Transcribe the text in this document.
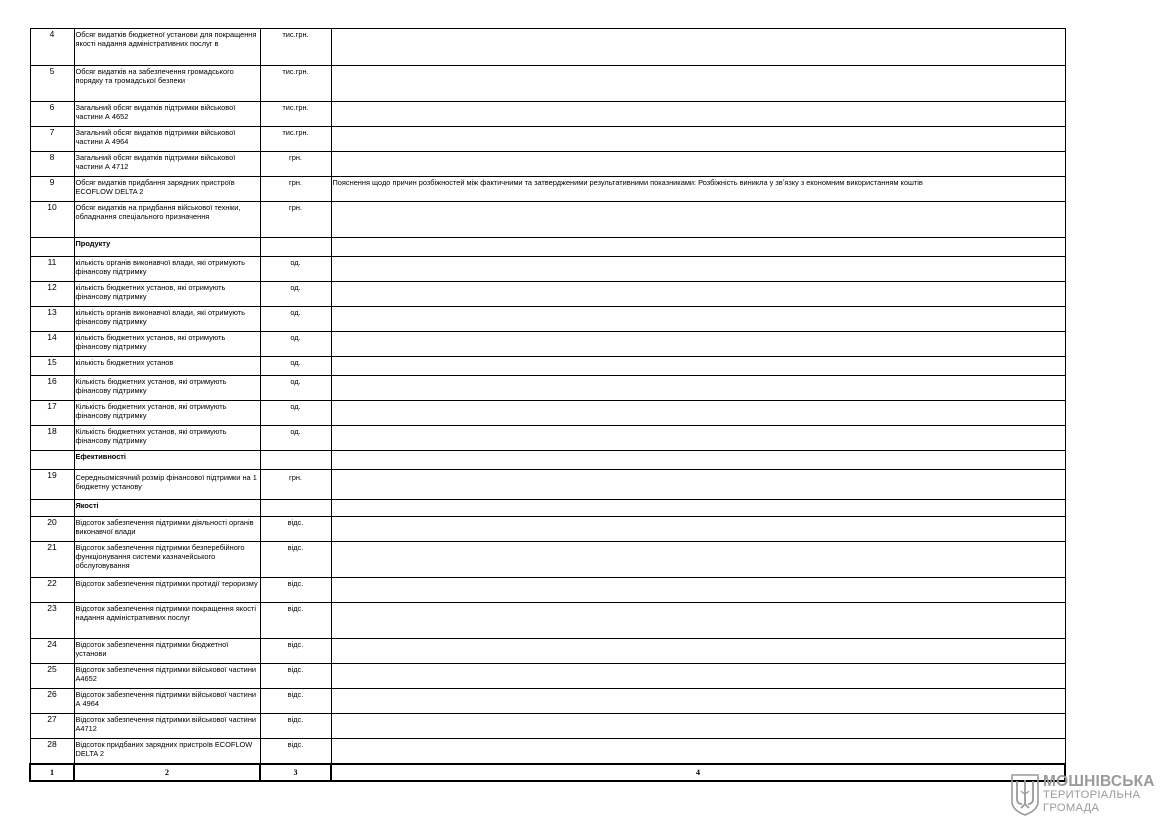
4	Обсяг видатків бюджетної установи для покращення якості надання адміністративних послуг в	тис.грн.	
5	Обсяг видатків на забезпечення громадського порядку та громадської безпеки	тис.грн.	
6	Загальний обсяг видатків підтримки військової частини А 4652	тис.грн.	
7	Загальний обсяг видатків підтримки військової частини А 4964	тис.грн.	
8	Загальний обсяг видатків підтримки військової частини А 4712	грн.	
9	Обсяг видатків придбання зарядних пристроїв ECOFLOW DELTA 2	грн.	Пояснення щодо причин розбіжностей між фактичними та затвердженими результативними показниками: Розбіжність виникла у звʼязку з економним використанням коштів
10	Обсяг видатків на придбання військової техніки, обладнання спеціального призначення	грн.	
	Продукту		
11	кількість органів виконавчої влади, які отримують фінансову підтримку	од.	
12	кількість бюджетних установ, які отримують фінансову підтримку	од.	
13	кількість органів виконавчої влади, які отримують фінансову підтримку	од.	
14	кількість бюджетних установ, які отримують фінансову підтримку	од.	
15	кількість бюджетних установ	од.	
16	Кількість бюджетних установ, які отримують фінансову підтримку	од.	
17	Кількість бюджетних установ, які отримують фінансову підтримку	од.	
18	Кількість бюджетних установ, які отримують фінансову підтримку	од.	
	Ефективності		
19	Середньомісячний розмір фінансової підтримки на 1 бюджетну установу	грн.	
	Якості		
20	Відсоток забезпечення підтримки діяльності органів виконавчої влади	відс.	
21	Відсоток забезпечення підтримки безперебійного функціонування системи казначейського обслуговування	відс.	
22	Відсоток забезпечення підтримки протидії тероризму	відс.	
23	Відсоток забезпечення підтримки покращення якості надання адміністративних послуг	відс.	
24	Відсоток забезпечення підтримки бюджетної установи	відс.	
25	Відсоток забезпечення підтримки військової частини А4652	відс.	
26	Відсоток забезпечення підтримки військової частини А 4964	відс.	
27	Відсоток забезпечення підтримки військової частини А4712	відс.	
28	Відсоток придбаних зарядних пристроїв ECOFLOW DELTA 2	відс.	
1	2	3	4
МОШНІВСЬКА
ТЕРИТОРІАЛЬНА
ГРОМАДА
